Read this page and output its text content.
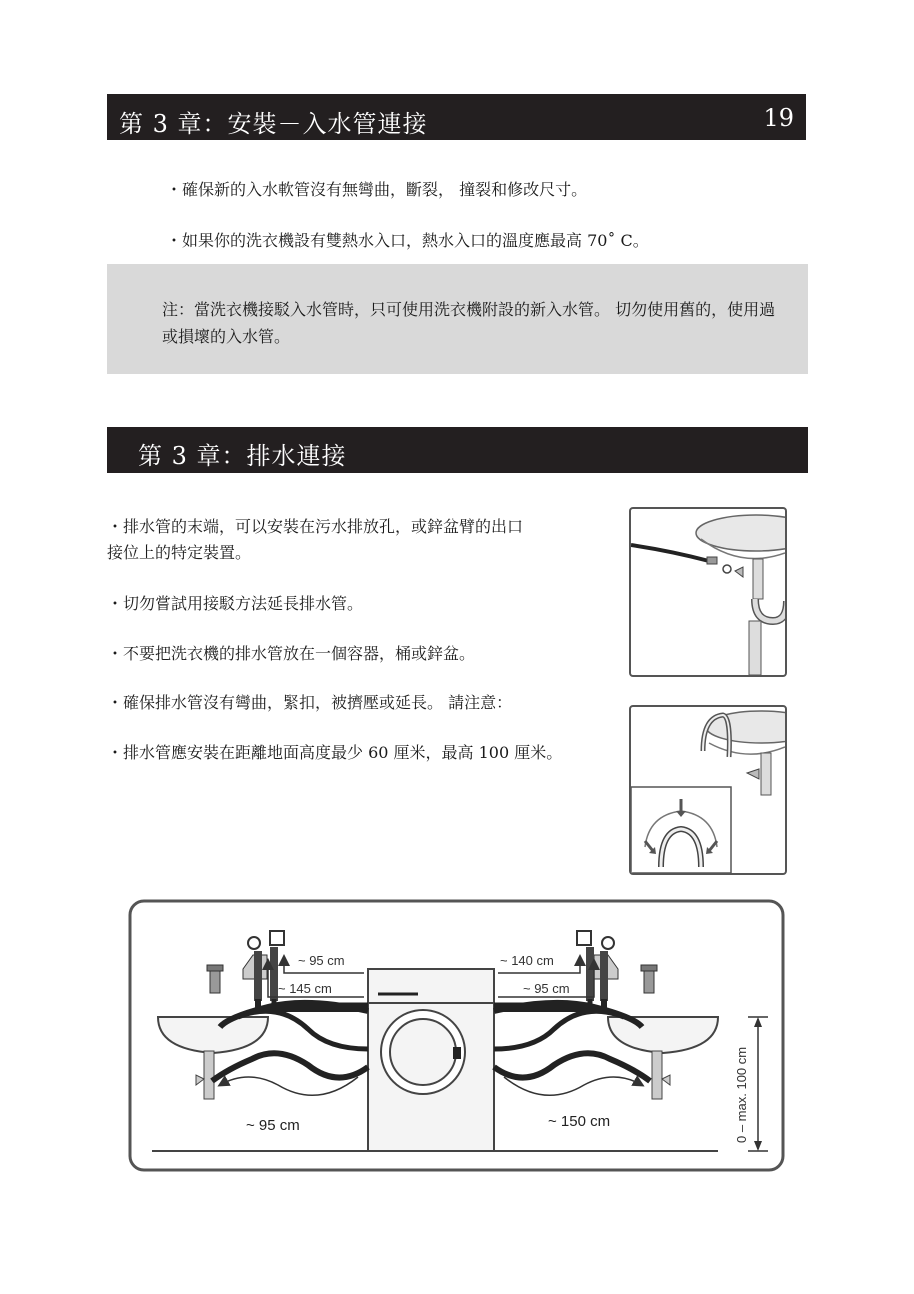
第 3 章：安裝－入水管連接	19
・確保新的入水軟管沒有無彎曲，斷裂， 撞裂和修改尺寸。
・如果你的洗衣機設有雙熱水入口，熱水入口的溫度應最高 70˚ C。

注：當洗衣機接駁入水管時，只可使用洗衣機附設的新入水管。 切勿使用舊的，使用過或損壞的入水管。

第 3 章：排水連接
・排水管的末端，可以安裝在污水排放孔，或鋅盆臂的出口
接位上的特定裝置。
・切勿嘗試用接駁方法延長排水管。
・不要把洗衣機的排水管放在一個容器，桶或鋅盆。
・確保排水管沒有彎曲，緊扣，被擠壓或延長。 請注意：
・排水管應安裝在距離地面高度最少 60 厘米，最高 100 厘米。
~ 95 cm
~ 145 cm
~ 140 cm
~ 95 cm
~ 95 cm	~ 150 cm	0 – max. 100 cm
